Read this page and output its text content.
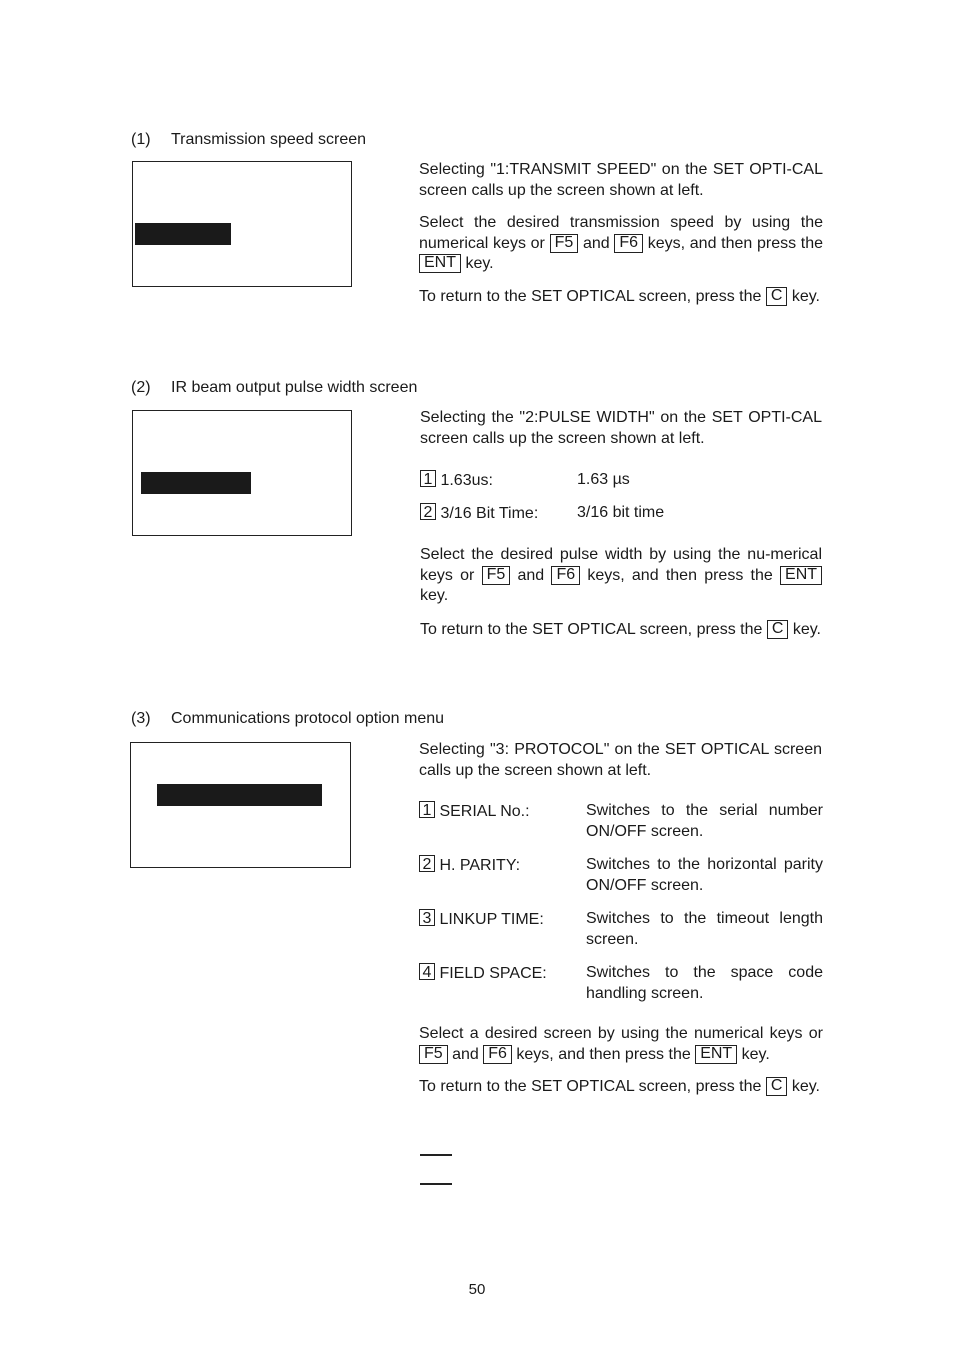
(1) Transmission speed screen

Selecting "1:TRANSMIT SPEED" on the SET OPTI-CAL screen calls up the screen shown at left.

Select the desired transmission speed by using the numerical keys or F5 and F6 keys, and then press the ENT key.

To return to the SET OPTICAL screen, press the C key.

(2) IR beam output pulse width screen
Selecting the "2:PULSE WIDTH" on the SET OPTI-CAL screen calls up the screen shown at left.
1 1.63us:	1.63 µs
2 3/16 Bit Time: 3/16 bit time

Select the desired pulse width by using the nu-merical keys or F5 and F6 keys, and then press the ENT key.

To return to the SET OPTICAL screen, press the C key.

(3) Communications protocol option menu
Selecting "3: PROTOCOL" on the SET OPTICAL screen calls up the screen shown at left.
1 SERIAL No.:	Switches to the serial number ON/OFF screen.
2 H. PARITY:	Switches to the horizontal parity ON/OFF screen.
3 LINKUP TIME:	Switches to the timeout length screen.
4 FIELD SPACE: Switches to the space code handling screen.

Select a desired screen by using the numerical keys or F5 and F6 keys, and then press the ENT key.

To return to the SET OPTICAL screen, press the C key.

50
